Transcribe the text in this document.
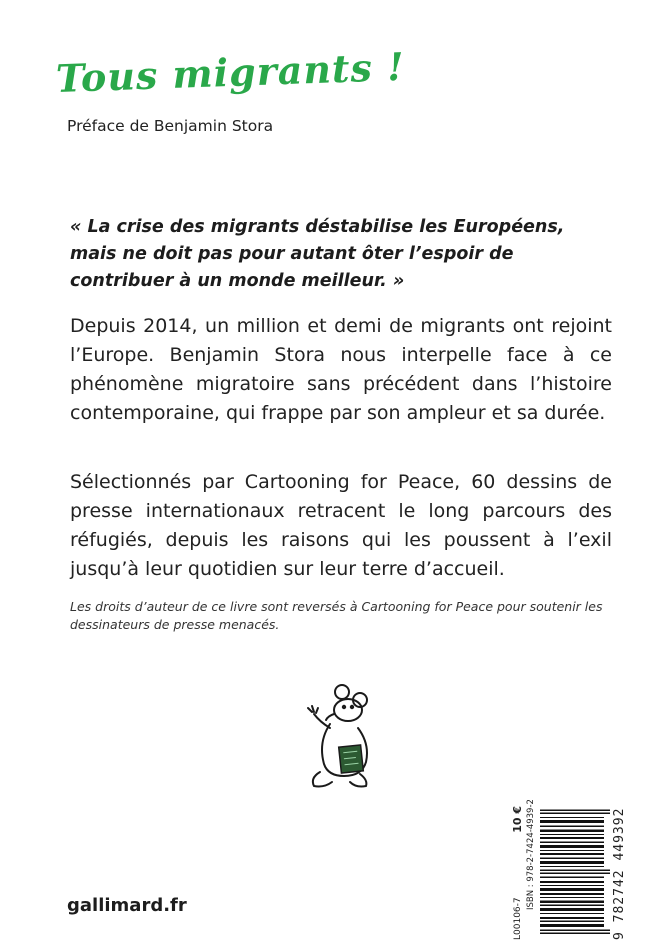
Tous migrants !
Préface de Benjamin Stora
« La crise des migrants déstabilise les Européens, mais ne doit pas pour autant ôter l’espoir de contribuer à un monde meilleur. »
Depuis 2014, un million et demi de migrants ont rejoint l’Europe. Benjamin Stora nous interpelle face à ce phénomène migratoire sans précédent dans l’histoire contemporaine, qui frappe par son ampleur et sa durée.
Sélectionnés par Cartooning for Peace, 60 dessins de presse internationaux retracent le long parcours des réfugiés, depuis les raisons qui les poussent à l’exil jusqu’à leur quotidien sur leur terre d’accueil.
Les droits d’auteur de ce livre sont reversés à Cartooning for Peace pour soutenir les dessinateurs de presse menacés.
L00106-7
10 € ISBN : 978-2-7424-4939-2	9 782742 449392
gallimard.fr
